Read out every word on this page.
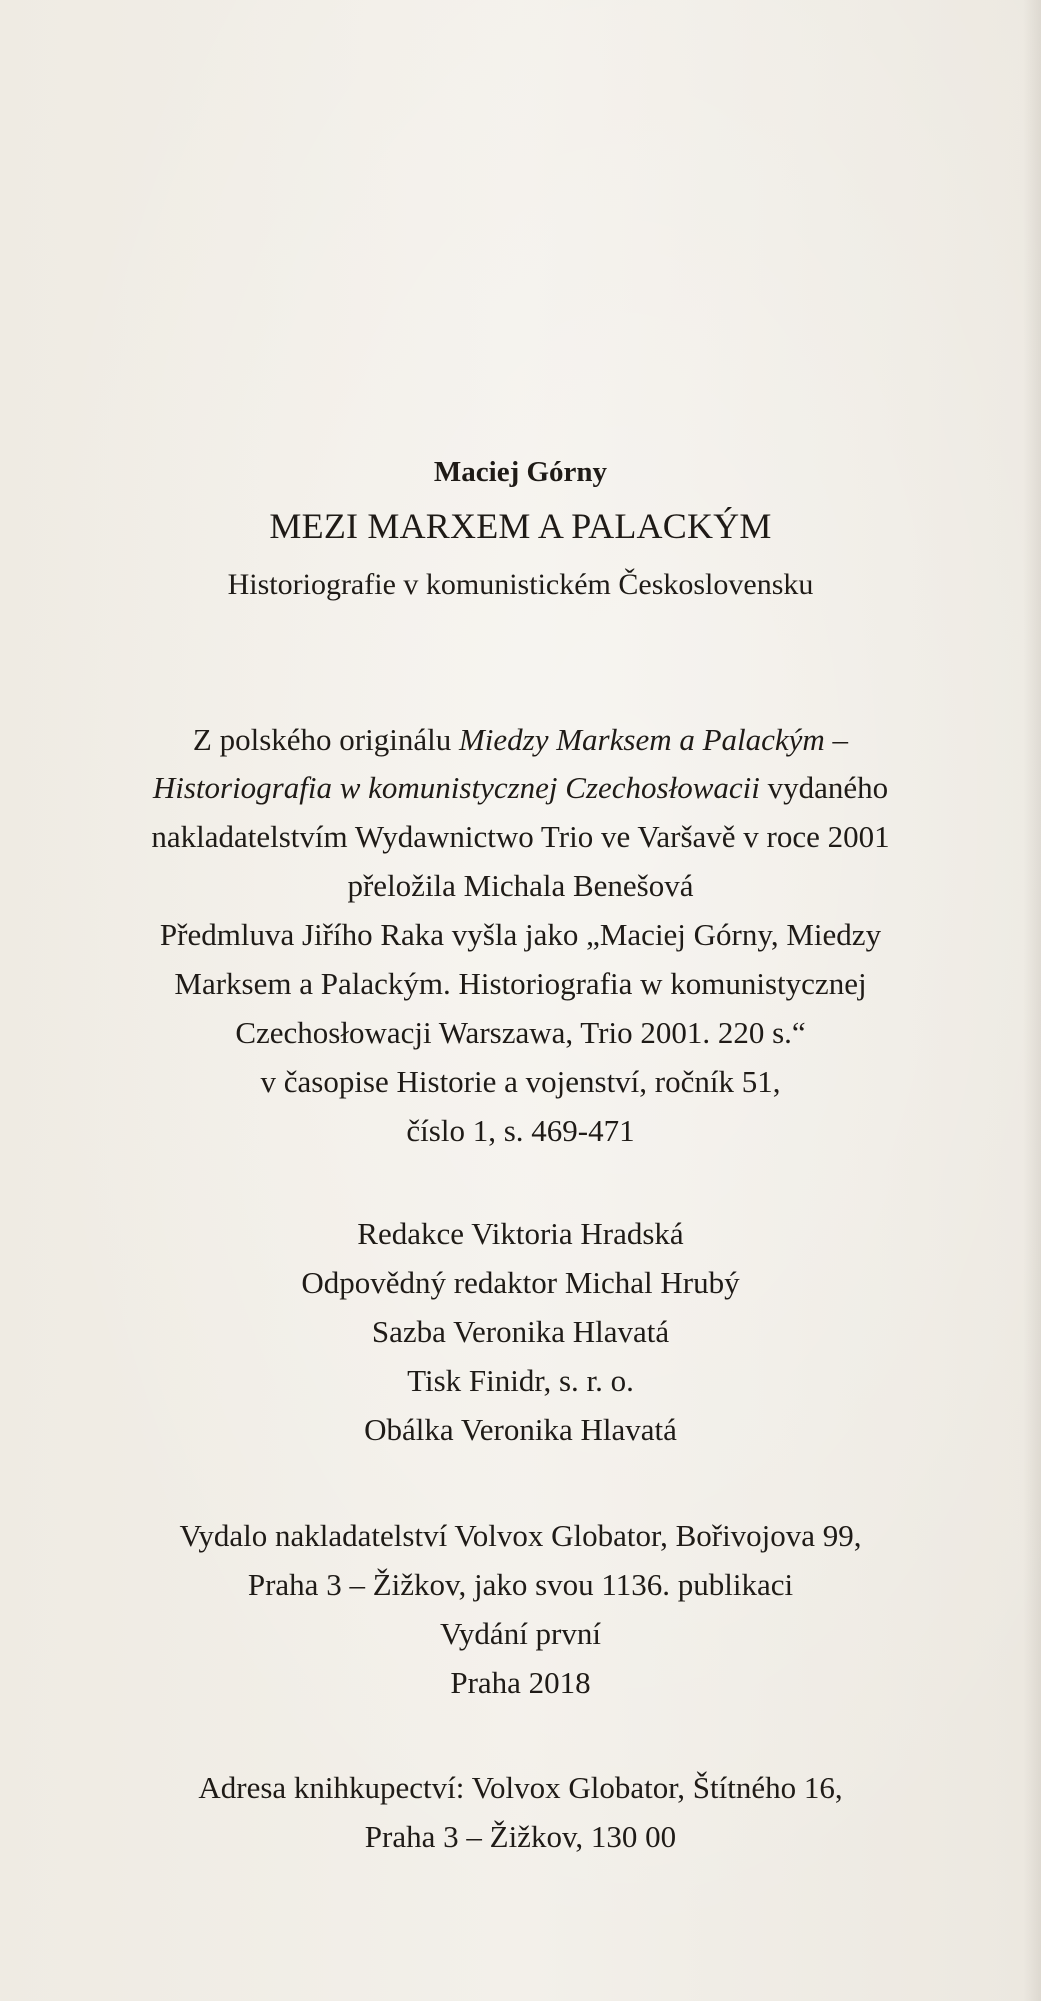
Maciej Górny
MEZI MARXEM A PALACKÝM
Historiografie v komunistickém Československu
Z polského originálu Miedzy Marksem a Palackým –
Historiografia w komunistycznej Czechosłowacii vydaného
nakladatelstvím Wydawnictwo Trio ve Varšavě v roce 2001
přeložila Michala Benešová
Předmluva Jiřího Raka vyšla jako „Maciej Górny, Miedzy
Marksem a Palackým. Historiografia w komunistycznej
Czechosłowacji Warszawa, Trio 2001. 220 s.“
v časopise Historie a vojenství, ročník 51,
číslo 1, s. 469-471
Redakce Viktoria Hradská
Odpovědný redaktor Michal Hrubý
Sazba Veronika Hlavatá
Tisk Finidr, s. r. o.
Obálka Veronika Hlavatá
Vydalo nakladatelství Volvox Globator, Bořivojova 99,
Praha 3 – Žižkov, jako svou 1136. publikaci
Vydání první
Praha 2018
Adresa knihkupectví: Volvox Globator, Štítného 16,
Praha 3 – Žižkov, 130 00
